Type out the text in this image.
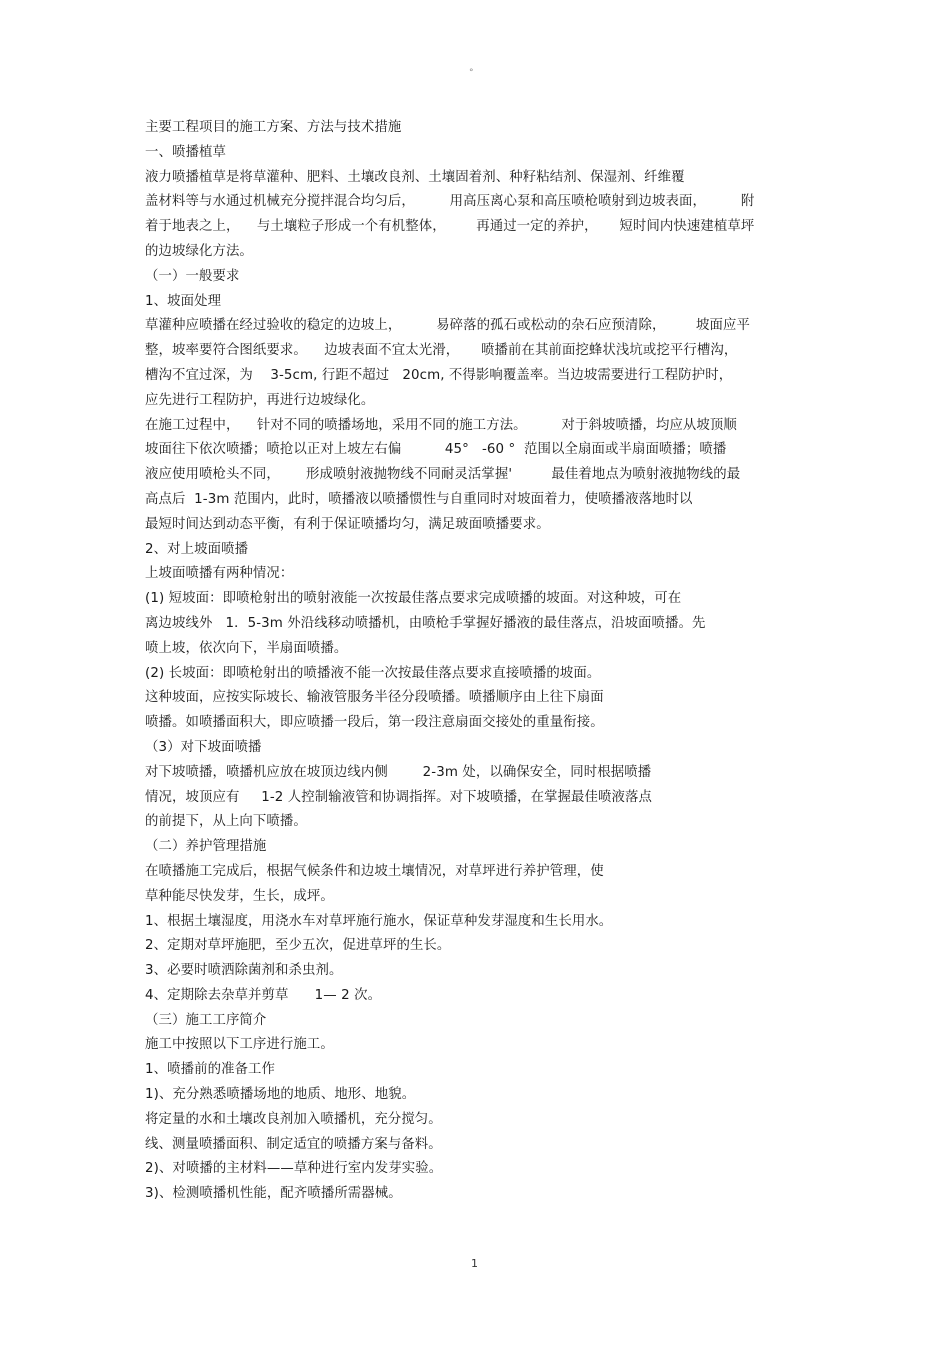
°
主要工程项目的施工方案、方法与技术措施
一、喷播植草
液力喷播植草是将草灌种、肥料、土壤改良剂、土壤固着剂、种籽粘结剂、保湿剂、纤维覆
盖材料等与水通过机械充分搅拌混合均匀后，        用高压离心泵和高压喷枪喷射到边坡表面，        附
着于地表之上，    与土壤粒子形成一个有机整体，       再通过一定的养护，     短时间内快速建植草坪
的边坡绿化方法。
（一）一般要求
1、坡面处理
草灌种应喷播在经过验收的稳定的边坡上，        易碎落的孤石或松动的杂石应预清除，       坡面应平
整，坡率要符合图纸要求。    边坡表面不宜太光滑，     喷播前在其前面挖蜂状浅坑或挖平行槽沟，
槽沟不宜过深，为    3-5cm, 行距不超过   20cm, 不得影响覆盖率。当边坡需要进行工程防护时，
应先进行工程防护，再进行边坡绿化。
在施工过程中，    针对不同的喷播场地，采用不同的施工方法。        对于斜坡喷播，均应从坡顶顺
坡面往下依次喷播；喷抢以正对上坡左右偏          45°   -60 °  范围以全扇面或半扇面喷播；喷播
液应使用喷枪头不同，      形成喷射液抛物线不同耐灵活掌握'         最佳着地点为喷射液抛物线的最
高点后  1-3m 范围内，此时，喷播液以喷播惯性与自重同时对坡面着力，使喷播液落地时以
最短时间达到动态平衡，有利于保证喷播均匀，满足玻面喷播要求。
2、对上坡面喷播
上坡面喷播有两种情况：
(1) 短坡面：即喷枪射出的喷射液能一次按最佳落点要求完成喷播的坡面。对这种坡，可在
离边坡线外   1．5-3m 外沿线移动喷播机，由喷枪手掌握好播液的最佳落点，沿坡面喷播。先
喷上坡，依次向下，半扇面喷播。
(2) 长坡面：即喷枪射出的喷播液不能一次按最佳落点要求直接喷播的坡面。
这种坡面，应按实际坡长、输液管服务半径分段喷播。喷播顺序由上往下扇面
喷播。如喷播面积大，即应喷播一段后，第一段注意扇面交接处的重量衔接。
（3）对下坡面喷播
对下坡喷播，喷播机应放在坡顶边线内侧        2-3m 处，以确保安全，同时根据喷播
情况，坡顶应有     1-2 人控制输液管和协调指挥。对下坡喷播，在掌握最佳喷液落点
的前提下，从上向下喷播。
（二）养护管理措施
在喷播施工完成后，根据气候条件和边坡土壤情况，对草坪进行养护管理，使
草种能尽快发芽，生长，成坪。
1、根据土壤湿度，用浇水车对草坪施行施水，保证草种发芽湿度和生长用水。
2、定期对草坪施肥，至少五次，促进草坪的生长。
3、必要时喷洒除菌剂和杀虫剂。
4、定期除去杂草并剪草      1— 2 次。
（三）施工工序简介
施工中按照以下工序进行施工。
1、喷播前的准备工作
1)、充分熟悉喷播场地的地质、地形、地貌。
将定量的水和土壤改良剂加入喷播机，充分搅匀。
线、测量喷播面积、制定适宜的喷播方案与备料。
2)、对喷播的主材料——草种进行室内发芽实验。
3)、检测喷播机性能，配齐喷播所需器械。
1
